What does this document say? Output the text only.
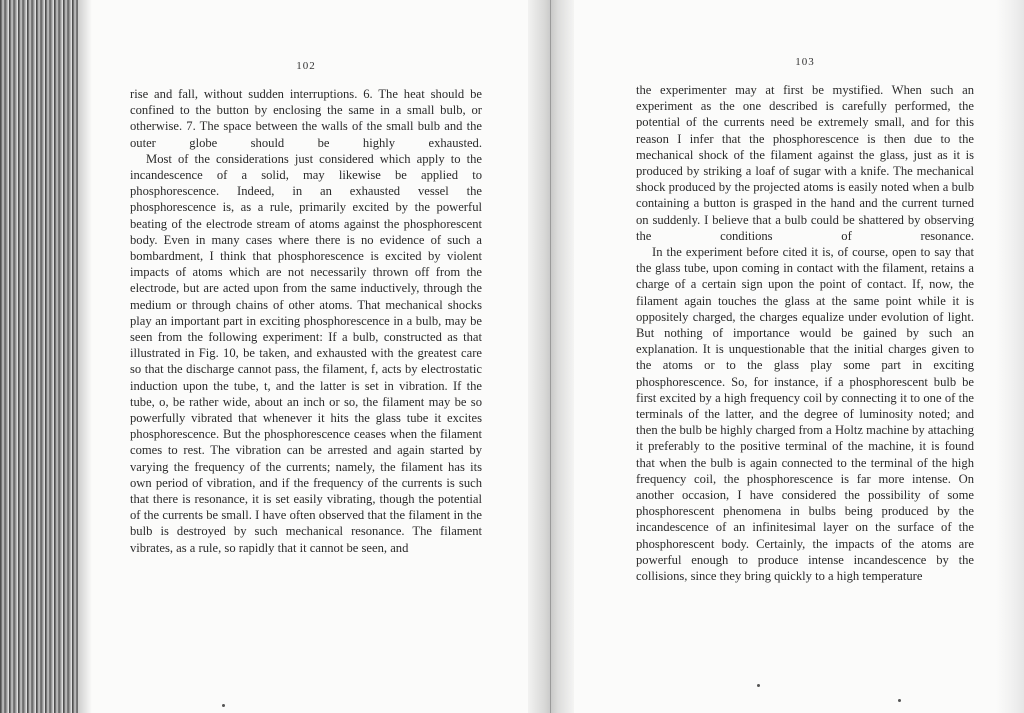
102

rise and fall, without sudden interruptions. 6. The heat should be confined to the button by enclosing the same in a small bulb, or otherwise. 7. The space between the walls of the small bulb and the outer globe should be highly exhausted.

Most of the considerations just considered which apply to the incandescence of a solid, may likewise be applied to phosphorescence. Indeed, in an exhausted vessel the phosphorescence is, as a rule, primarily excited by the powerful beating of the electrode stream of atoms against the phosphorescent body. Even in many cases where there is no evidence of such a bombardment, I think that phosphorescence is excited by violent impacts of atoms which are not necessarily thrown off from the electrode, but are acted upon from the same inductively, through the medium or through chains of other atoms. That mechanical shocks play an important part in exciting phosphorescence in a bulb, may be seen from the following experiment: If a bulb, constructed as that illustrated in Fig. 10, be taken, and exhausted with the greatest care so that the discharge cannot pass, the filament, f, acts by electrostatic induction upon the tube, t, and the latter is set in vibration. If the tube, o, be rather wide, about an inch or so, the filament may be so powerfully vibrated that whenever it hits the glass tube it excites phosphorescence. But the phosphorescence ceases when the filament comes to rest. The vibration can be arrested and again started by varying the frequency of the currents; namely, the filament has its own period of vibration, and if the frequency of the currents is such that there is resonance, it is set easily vibrating, though the potential of the currents be small. I have often observed that the filament in the bulb is destroyed by such mechanical resonance. The filament vibrates, as a rule, so rapidly that it cannot be seen, and

103

the experimenter may at first be mystified. When such an experiment as the one described is carefully performed, the potential of the currents need be extremely small, and for this reason I infer that the phosphorescence is then due to the mechanical shock of the filament against the glass, just as it is produced by striking a loaf of sugar with a knife. The mechanical shock produced by the projected atoms is easily noted when a bulb containing a button is grasped in the hand and the current turned on suddenly. I believe that a bulb could be shattered by observing the conditions of resonance.

In the experiment before cited it is, of course, open to say that the glass tube, upon coming in contact with the filament, retains a charge of a certain sign upon the point of contact. If, now, the filament again touches the glass at the same point while it is oppositely charged, the charges equalize under evolution of light. But nothing of importance would be gained by such an explanation. It is unquestionable that the initial charges given to the atoms or to the glass play some part in exciting phosphorescence. So, for instance, if a phosphorescent bulb be first excited by a high frequency coil by connecting it to one of the terminals of the latter, and the degree of luminosity noted; and then the bulb be highly charged from a Holtz machine by attaching it preferably to the positive terminal of the machine, it is found that when the bulb is again connected to the terminal of the high frequency coil, the phosphorescence is far more intense. On another occasion, I have considered the possibility of some phosphorescent phenomena in bulbs being produced by the incandescence of an infinitesimal layer on the surface of the phosphorescent body. Certainly, the impacts of the atoms are powerful enough to produce intense incandescence by the collisions, since they bring quickly to a high temperature
